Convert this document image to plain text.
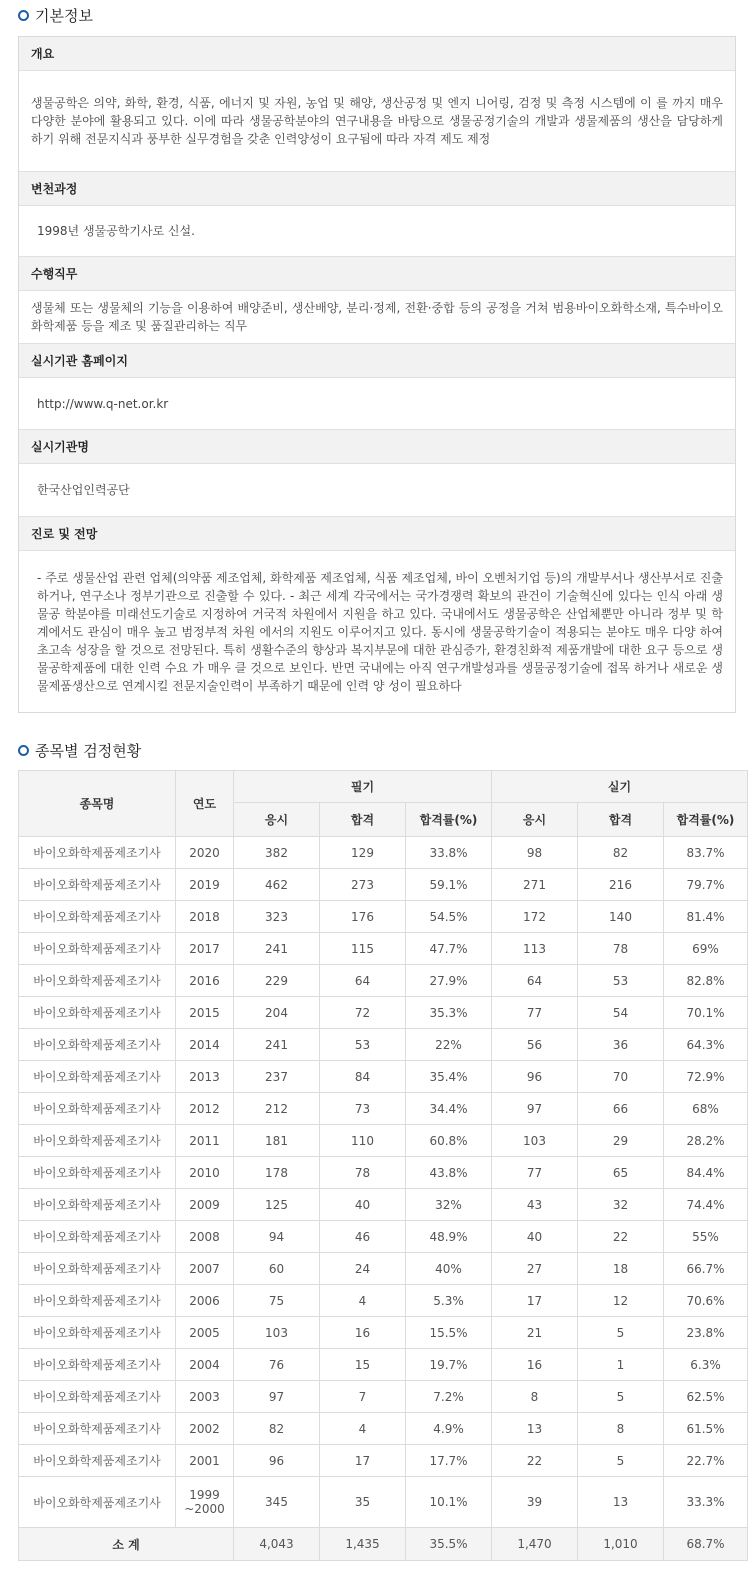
기본정보
개요
생물공학은 의약, 화학, 환경, 식품, 에너지 및 자원, 농업 및 해양, 생산공정 및 엔지 니어링, 검정 및 측정 시스템에 이 를 까지 매우 다양한 분야에 활용되고 있다. 이에 따라 생물공학분야의 연구내용을 바탕으로 생물공정기술의 개발과 생물제품의 생산을 담당하게 하기 위해 전문지식과 풍부한 실무경험을 갖춘 인력양성이 요구됨에 따라 자격 제도 제정
변천과정
1998년 생물공학기사로 신설.
수행직무
생물체 또는 생물체의 기능을 이용하여 배양준비, 생산배양, 분리·정제, 전환·중합 등의 공정을 거쳐 범용바이오화학소재, 특수바이오화학제품 등을 제조 및 품질관리하는 직무
실시기관 홈페이지
http://www.q-net.or.kr
실시기관명
한국산업인력공단
진로 및 전망
- 주로 생물산업 관련 업체(의약품 제조업체, 화학제품 제조업체, 식품 제조업체, 바이 오벤처기업 등)의 개발부서나 생산부서로 진출하거나, 연구소나 정부기관으로 진출할 수 있다. - 최근 세계 각국에서는 국가경쟁력 확보의 관건이 기술혁신에 있다는 인식 아래 생물공 학분야를 미래선도기술로 지정하여 거국적 차원에서 지원을 하고 있다. 국내에서도 생물공학은 산업체뿐만 아니라 정부 및 학계에서도 관심이 매우 높고 범정부적 차원 에서의 지원도 이루어지고 있다. 동시에 생물공학기술이 적용되는 분야도 매우 다양 하여 초고속 성장을 할 것으로 전망된다. 특히 생활수준의 향상과 복지부문에 대한 관심증가, 환경친화적 제품개발에 대한 요구 등으로 생물공학제품에 대한 인력 수요 가 매우 클 것으로 보인다. 반면 국내에는 아직 연구개발성과를 생물공정기술에 접목 하거나 새로운 생물제품생산으로 연계시킬 전문지술인력이 부족하기 때문에 인력 양 성이 필요하다
종목별 검정현황
종목명	연도	필기			실기		
		응시	합격	합격률(%)	응시	합격	합격률(%)
바이오화학제품제조기사	2020	382	129	33.8%	98	82	83.7%
바이오화학제품제조기사	2019	462	273	59.1%	271	216	79.7%
바이오화학제품제조기사	2018	323	176	54.5%	172	140	81.4%
바이오화학제품제조기사	2017	241	115	47.7%	113	78	69%
바이오화학제품제조기사	2016	229	64	27.9%	64	53	82.8%
바이오화학제품제조기사	2015	204	72	35.3%	77	54	70.1%
바이오화학제품제조기사	2014	241	53	22%	56	36	64.3%
바이오화학제품제조기사	2013	237	84	35.4%	96	70	72.9%
바이오화학제품제조기사	2012	212	73	34.4%	97	66	68%
바이오화학제품제조기사	2011	181	110	60.8%	103	29	28.2%
바이오화학제품제조기사	2010	178	78	43.8%	77	65	84.4%
바이오화학제품제조기사	2009	125	40	32%	43	32	74.4%
바이오화학제품제조기사	2008	94	46	48.9%	40	22	55%
바이오화학제품제조기사	2007	60	24	40%	27	18	66.7%
바이오화학제품제조기사	2006	75	4	5.3%	17	12	70.6%
바이오화학제품제조기사	2005	103	16	15.5%	21	5	23.8%
바이오화학제품제조기사	2004	76	15	19.7%	16	1	6.3%
바이오화학제품제조기사	2003	97	7	7.2%	8	5	62.5%
바이오화학제품제조기사	2002	82	4	4.9%	13	8	61.5%
바이오화학제품제조기사	2001	96	17	17.7%	22	5	22.7%
바이오화학제품제조기사	1999
~2000	345	35	10.1%	39	13	33.3%
소 계		4,043	1,435	35.5%	1,470	1,010	68.7%
